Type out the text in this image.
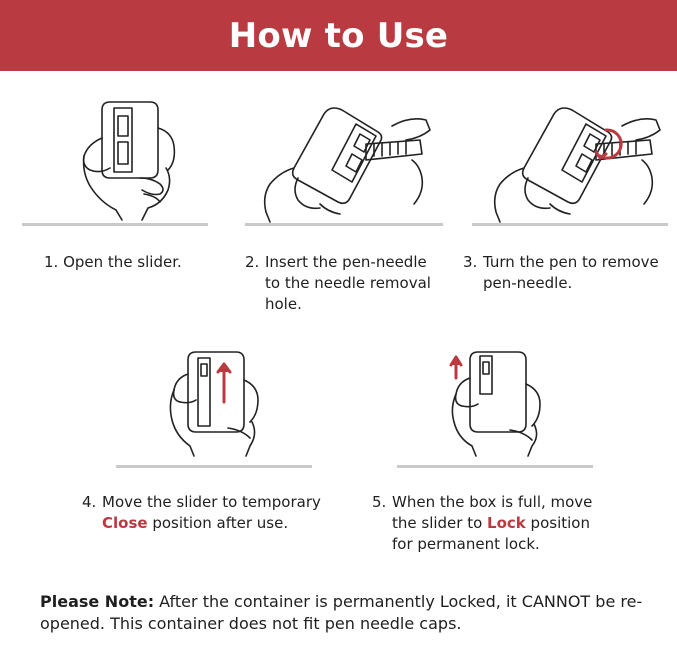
How to Use
1. Open the slider.	2. Insert the pen-needle
to the needle removal
hole.
3. Turn the pen to remove
pen-needle.
4. Move the slider to temporary
Close position after use.
5. When the box is full, move
the slider to Lock position
for permanent lock.
Please Note: After the container is permanently Locked, it CANNOT be re-opened. This container does not fit pen needle caps.
